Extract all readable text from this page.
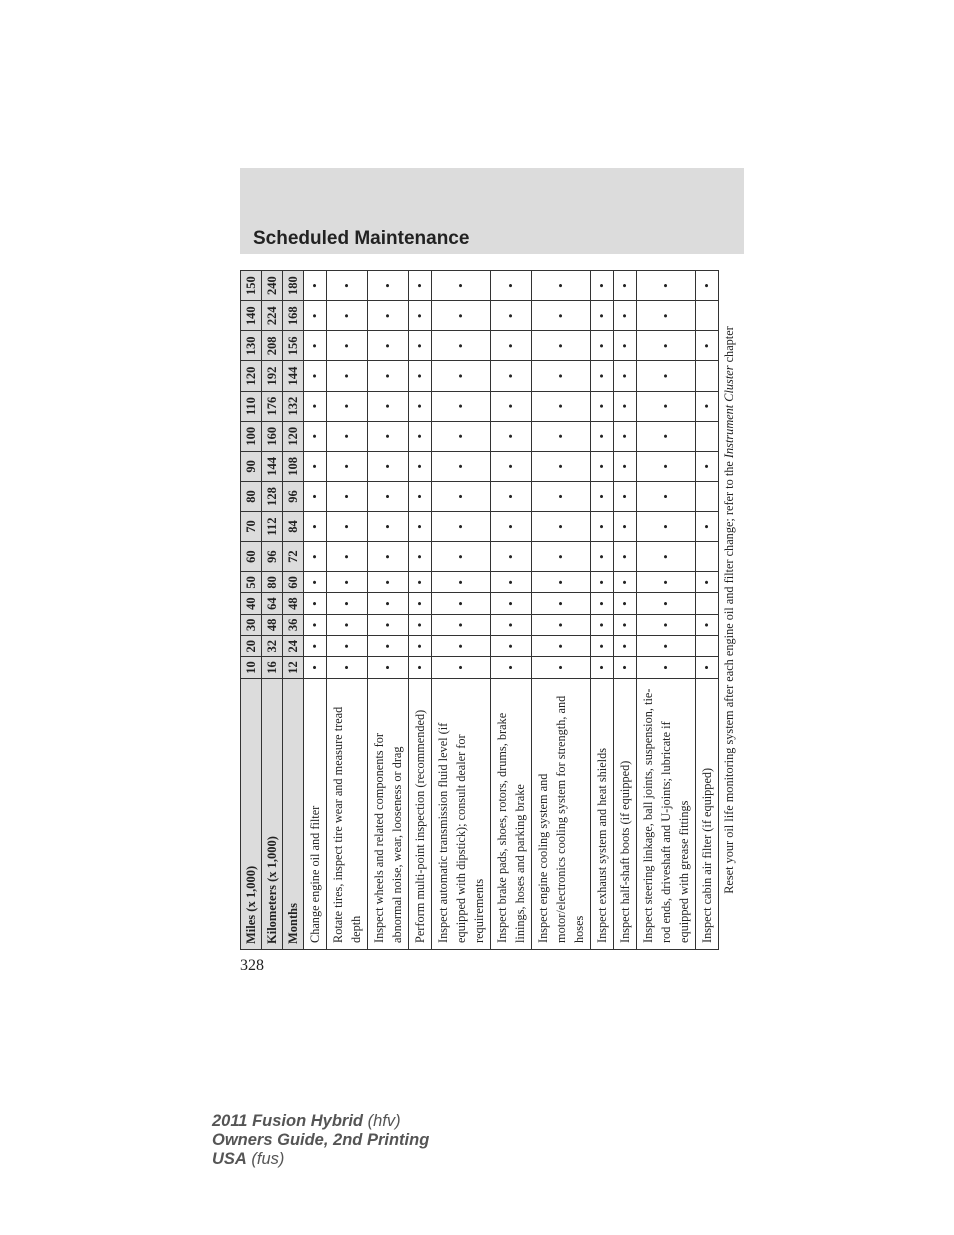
Scheduled Maintenance
Miles (x 1,000)	10	20	30	40	50	60	70	80	90	100	110	120	130	140	150
Kilometers (x 1,000)	16	32	48	64	80	96	112	128	144	160	176	192	208	224	240
Months	12	24	36	48	60	72	84	96	108	120	132	144	156	168	180
Change engine oil and filter	•	•	•	•	•	•	•	•	•	•	•	•	•	•	•
Rotate tires, inspect tire wear and measure tread depth	•	•	•	•	•	•	•	•	•	•	•	•	•	•	•
Inspect wheels and related components for abnormal noise, wear, looseness or drag	•	•	•	•	•	•	•	•	•	•	•	•	•	•	•
Perform multi-point inspection (recommended)	•	•	•	•	•	•	•	•	•	•	•	•	•	•	•
Inspect automatic transmission fluid level (if equipped with dipstick); consult dealer for requirements	•	•	•	•	•	•	•	•	•	•	•	•	•	•	•
Inspect brake pads, shoes, rotors, drums, brake linings, hoses and parking brake	•	•	•	•	•	•	•	•	•	•	•	•	•	•	•
Inspect engine cooling system and motor/electronics cooling system for strength, and hoses	•	•	•	•	•	•	•	•	•	•	•	•	•	•	•
Inspect exhaust system and heat shields	•	•	•	•	•	•	•	•	•	•	•	•	•	•	•
Inspect half-shaft boots (if equipped)	•	•	•	•	•	•	•	•	•	•	•	•	•	•	•
Inspect steering linkage, ball joints, suspension, tie-rod ends, driveshaft and U-joints; lubricate if equipped with grease fittings	•	•	•	•	•	•	•	•	•	•	•	•	•	•	•
Inspect cabin air filter (if equipped)	•		•		•		•		•		•		•		•
Reset your oil life monitoring system after each engine oil and filter change; refer to the Instrument Cluster chapter															
328
2011 Fusion Hybrid (hfv)
Owners Guide, 2nd Printing
USA (fus)
